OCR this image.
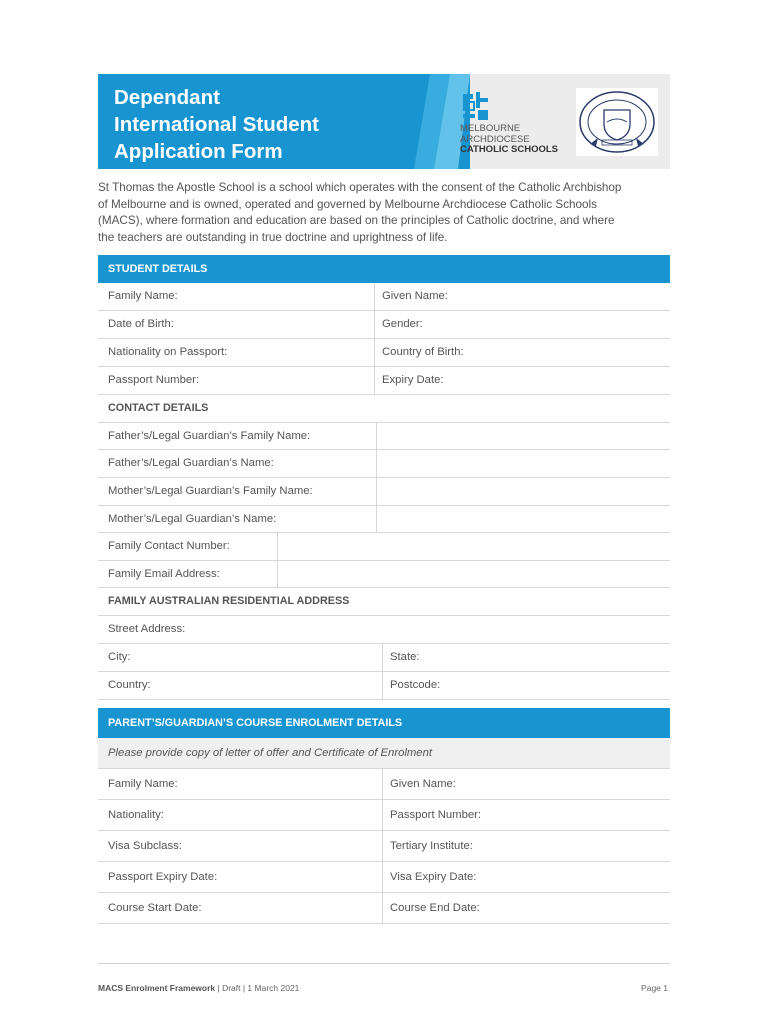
Dependant
International Student
Application Form
MELBOURNE
ARCHDIOCESE
CATHOLIC SCHOOLS
St Thomas the Apostle School is a school which operates with the consent of the Catholic Archbishop
of Melbourne and is owned, operated and governed by Melbourne Archdiocese Catholic Schools
(MACS), where formation and education are based on the principles of Catholic doctrine, and where
the teachers are outstanding in true doctrine and uprightness of life.
STUDENT DETAILS
Family Name:	Given Name:
Date of Birth:	Gender:
Nationality on Passport:	Country of Birth:
Passport Number:	Expiry Date:
CONTACT DETAILS
Father’s/Legal Guardian’s Family Name:
Father’s/Legal Guardian’s Name:
Mother’s/Legal Guardian’s Family Name:
Mother’s/Legal Guardian’s Name:
Family Contact Number:
Family Email Address:
FAMILY AUSTRALIAN RESIDENTIAL ADDRESS
Street Address:
City:	State:
Country:	Postcode:
PARENT’S/GUARDIAN’S COURSE ENROLMENT DETAILS
Please provide copy of letter of offer and Certificate of Enrolment
Family Name:	Given Name:
Nationality:	Passport Number:
Visa Subclass:	Tertiary Institute:
Passport Expiry Date:	Visa Expiry Date:
Course Start Date:	Course End Date:
MACS Enrolment Framework | Draft | 1 March 2021	Page 1
